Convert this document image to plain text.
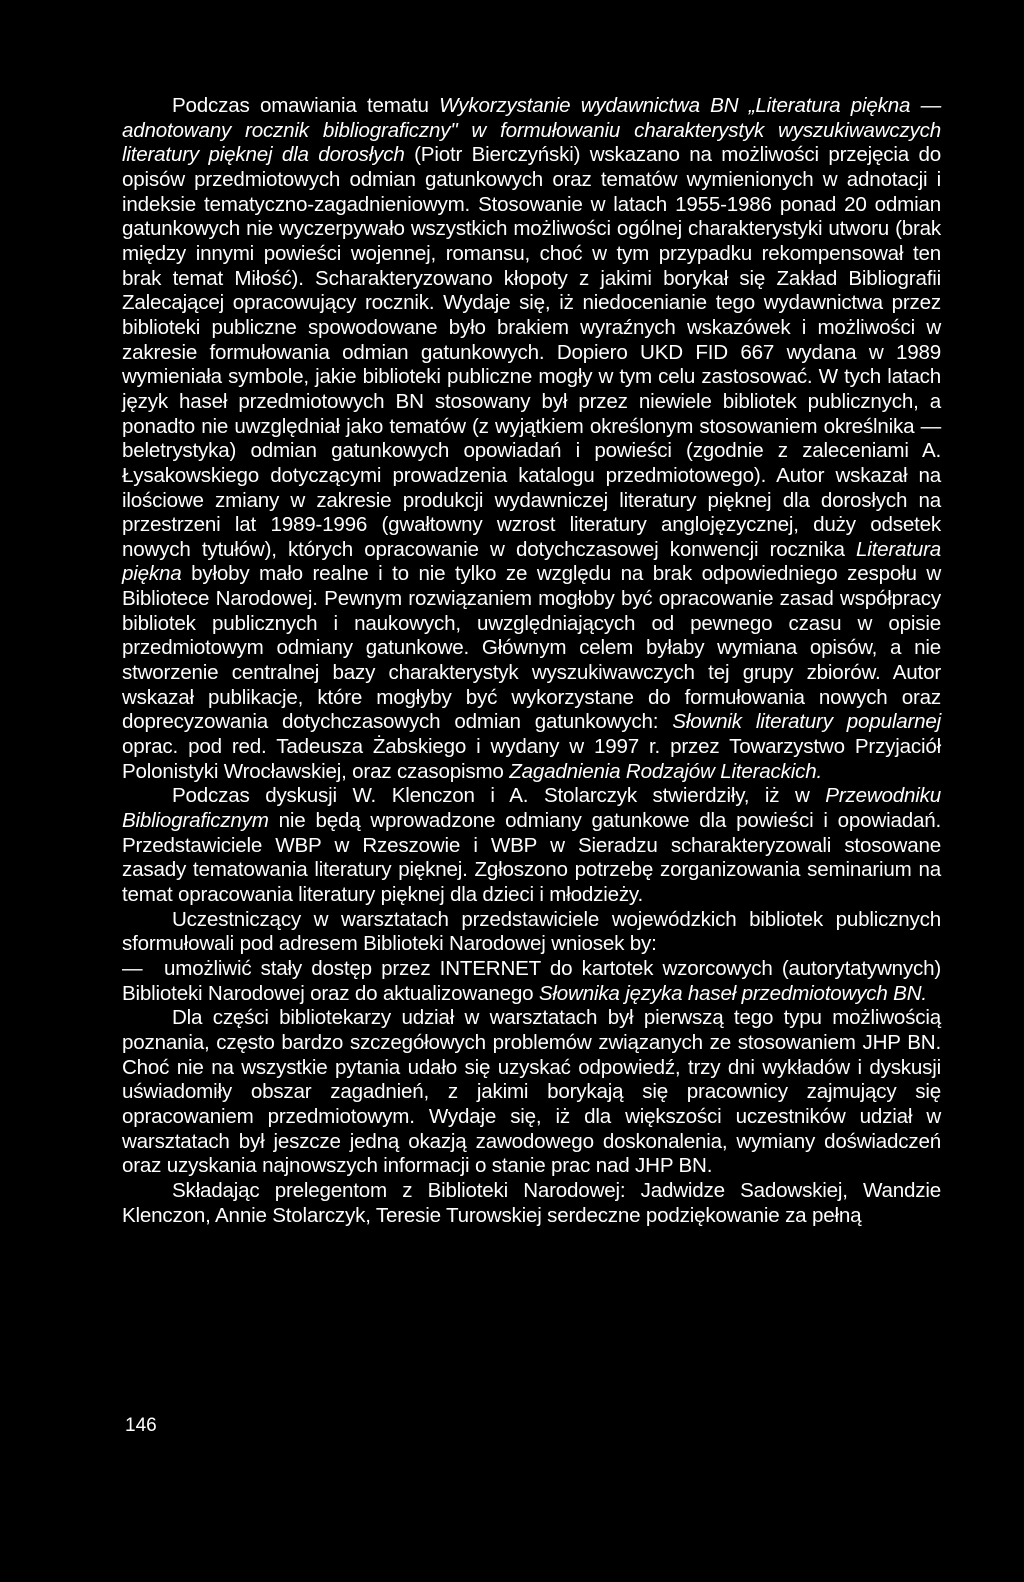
Podczas omawiania tematu Wykorzystanie wydawnictwa BN „Literatura piękna — adnotowany rocznik bibliograficzny" w formułowaniu charakterystyk wyszukiwawczych literatury pięknej dla dorosłych (Piotr Bierczyński) wskazano na możliwości przejęcia do opisów przedmiotowych odmian gatunkowych oraz tematów wymienionych w adnotacji i indeksie tematyczno-zagadnieniowym. Stosowanie w latach 1955-1986 ponad 20 odmian gatunkowych nie wyczerpywało wszystkich możliwości ogólnej charakterystyki utworu (brak między innymi powieści wojennej, romansu, choć w tym przypadku rekompensował ten brak temat Miłość). Scharakteryzowano kłopoty z jakimi borykał się Zakład Bibliografii Zalecającej opracowujący rocznik. Wydaje się, iż niedocenianie tego wydawnictwa przez biblioteki publiczne spowodowane było brakiem wyraźnych wskazówek i możliwości w zakresie formułowania odmian gatunkowych. Dopiero UKD FID 667 wydana w 1989 wymieniała symbole, jakie biblioteki publiczne mogły w tym celu zastosować. W tych latach język haseł przedmiotowych BN stosowany był przez niewiele bibliotek publicznych, a ponadto nie uwzględniał jako tematów (z wyjątkiem określonym stosowaniem określnika — beletrystyka) odmian gatunkowych opowiadań i powieści (zgodnie z zaleceniami A. Łysakowskiego dotyczącymi prowadzenia katalogu przedmiotowego). Autor wskazał na ilościowe zmiany w zakresie produkcji wydawniczej literatury pięknej dla dorosłych na przestrzeni lat 1989-1996 (gwałtowny wzrost literatury anglojęzycznej, duży odsetek nowych tytułów), których opracowanie w dotychczasowej konwencji rocznika Literatura piękna byłoby mało realne i to nie tylko ze względu na brak odpowiedniego zespołu w Bibliotece Narodowej. Pewnym rozwiązaniem mogłoby być opracowanie zasad współpracy bibliotek publicznych i naukowych, uwzględniających od pewnego czasu w opisie przedmiotowym odmiany gatunkowe. Głównym celem byłaby wymiana opisów, a nie stworzenie centralnej bazy charakterystyk wyszukiwawczych tej grupy zbiorów. Autor wskazał publikacje, które mogłyby być wykorzystane do formułowania nowych oraz doprecyzowania dotychczasowych odmian gatunkowych: Słownik literatury popularnej oprac. pod red. Tadeusza Żabskiego i wydany w 1997 r. przez Towarzystwo Przyjaciół Polonistyki Wrocławskiej, oraz czasopismo Zagadnienia Rodzajów Literackich.

Podczas dyskusji W. Klenczon i A. Stolarczyk stwierdziły, iż w Przewodniku Bibliograficznym nie będą wprowadzone odmiany gatunkowe dla powieści i opowiadań. Przedstawiciele WBP w Rzeszowie i WBP w Sieradzu scharakteryzowali stosowane zasady tematowania literatury pięknej. Zgłoszono potrzebę zorganizowania seminarium na temat opracowania literatury pięknej dla dzieci i młodzieży.

Uczestniczący w warsztatach przedstawiciele wojewódzkich bibliotek publicznych sformułowali pod adresem Biblioteki Narodowej wniosek by:

— umożliwić stały dostęp przez INTERNET do kartotek wzorcowych (autorytatywnych) Biblioteki Narodowej oraz do aktualizowanego Słownika języka haseł przedmiotowych BN.

Dla części bibliotekarzy udział w warsztatach był pierwszą tego typu możliwością poznania, często bardzo szczegółowych problemów związanych ze stosowaniem JHP BN. Choć nie na wszystkie pytania udało się uzyskać odpowiedź, trzy dni wykładów i dyskusji uświadomiły obszar zagadnień, z jakimi borykają się pracownicy zajmujący się opracowaniem przedmiotowym. Wydaje się, iż dla większości uczestników udział w warsztatach był jeszcze jedną okazją zawodowego doskonalenia, wymiany doświadczeń oraz uzyskania najnowszych informacji o stanie prac nad JHP BN.

Składając prelegentom z Biblioteki Narodowej: Jadwidze Sadowskiej, Wandzie Klenczon, Annie Stolarczyk, Teresie Turowskiej serdeczne podziękowanie za pełną

146
